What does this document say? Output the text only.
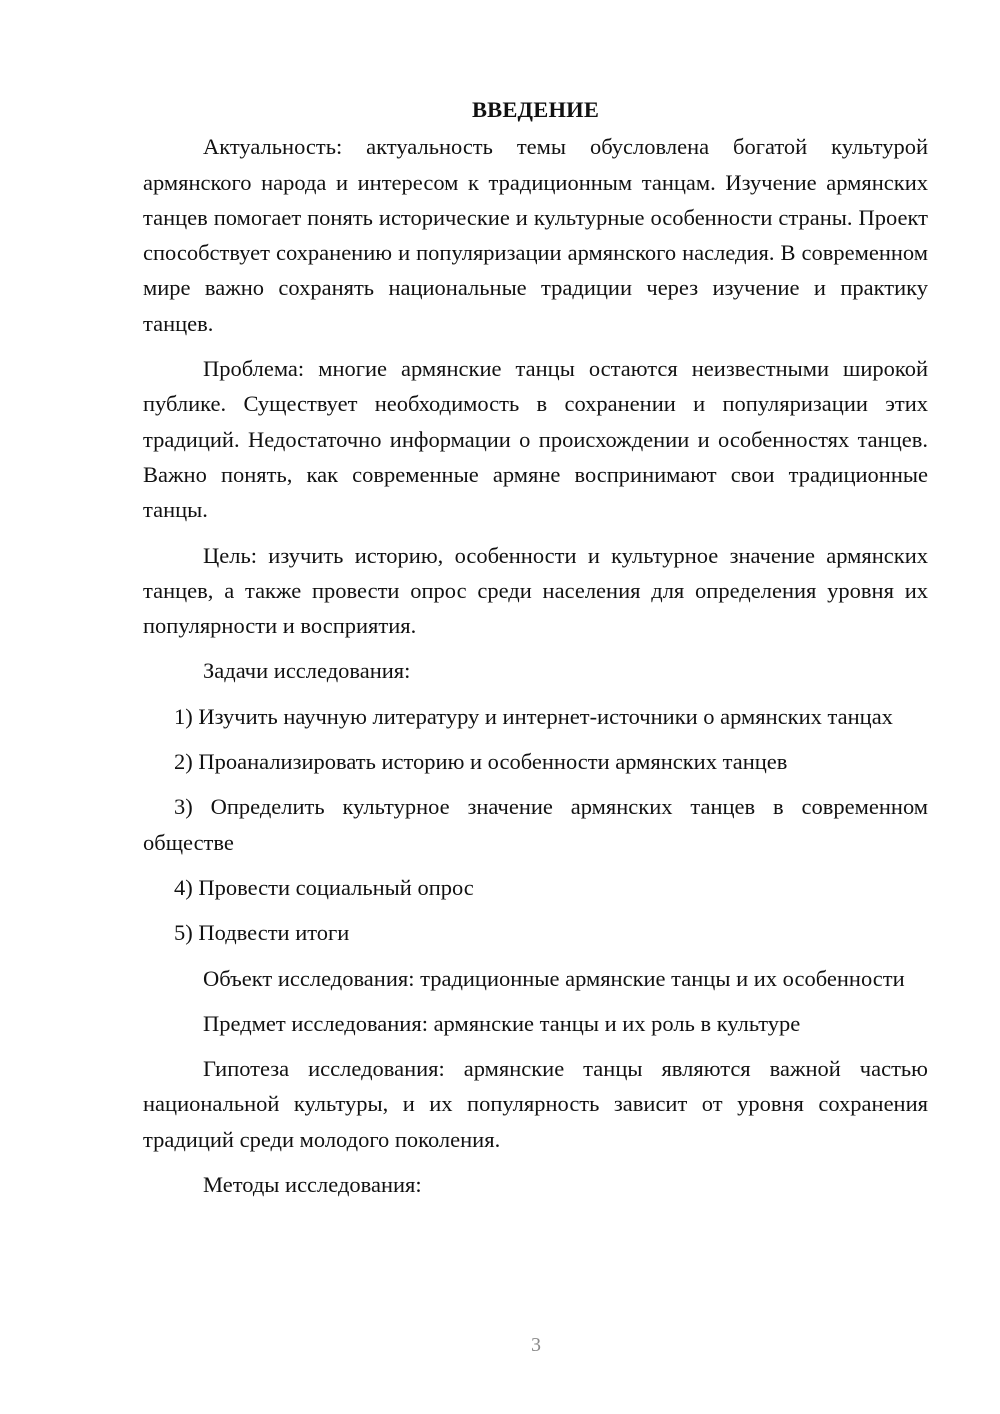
ВВЕДЕНИЕ

Актуальность: актуальность темы обусловлена богатой культурой армянского народа и интересом к традиционным танцам. Изучение армянских танцев помогает понять исторические и культурные особенности страны. Проект способствует сохранению и популяризации армянского наследия. В современном мире важно сохранять национальные традиции через изучение и практику танцев.

Проблема: многие армянские танцы остаются неизвестными широкой публике. Существует необходимость в сохранении и популяризации этих традиций. Недостаточно информации о происхождении и особенностях танцев. Важно понять, как современные армяне воспринимают свои традиционные танцы.

Цель: изучить историю, особенности и культурное значение армянских танцев, а также провести опрос среди населения для определения уровня их популярности и восприятия.

Задачи исследования:

1) Изучить научную литературу и интернет-источники о армянских танцах

2) Проанализировать историю и особенности армянских танцев

3) Определить культурное значение армянских танцев в современном обществе

4) Провести социальный опрос

5) Подвести итоги

Объект исследования: традиционные армянские танцы и их особенности

Предмет исследования: армянские танцы и их роль в культуре

Гипотеза исследования: армянские танцы являются важной частью национальной культуры, и их популярность зависит от уровня сохранения традиций среди молодого поколения.

Методы исследования:

3
